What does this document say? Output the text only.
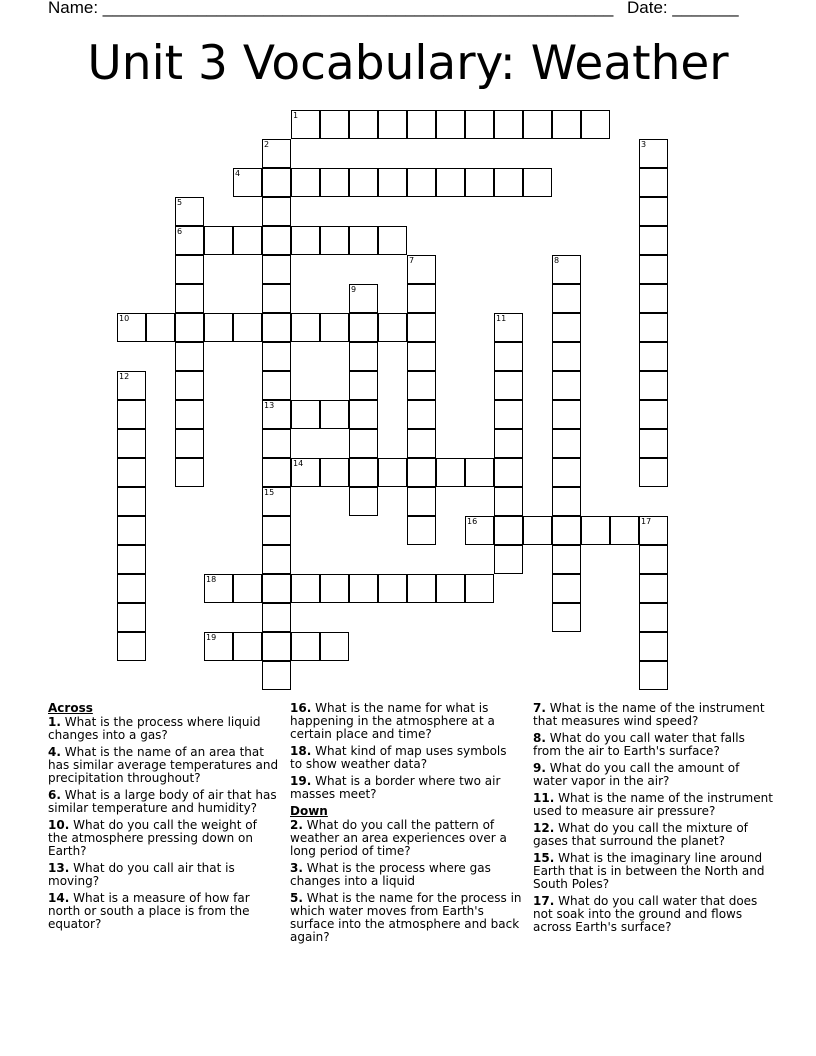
Name: ______________________________________________________ Date: _______
Unit 3 Vocabulary: Weather
1
2
13
15
3
4
5
6
7	8
9
10	11
12
14
16	17
18
19
Across
1. What is the process where liquid changes into a gas?
4. What is the name of an area that has similar average temperatures and precipitation throughout?
6. What is a large body of air that has similar temperature and humidity?
10. What do you call the weight of the atmosphere pressing down on Earth?
13. What do you call air that is moving?
14. What is a measure of how far north or south a place is from the equator?
16. What is the name for what is happening in the atmosphere at a certain place and time?
18. What kind of map uses symbols to show weather data?
19. What is a border where two air masses meet?
Down
2. What do you call the pattern of weather an area experiences over a long period of time?
3. What is the process where gas changes into a liquid
5. What is the name for the process in which water moves from Earth's surface into the atmosphere and back again?
7. What is the name of the instrument that measures wind speed?
8. What do you call water that falls from the air to Earth's surface?
9. What do you call the amount of water vapor in the air?
11. What is the name of the instrument used to measure air pressure?
12. What do you call the mixture of gases that surround the planet?
15. What is the imaginary line around Earth that is in between the North and South Poles?
17. What do you call water that does not soak into the ground and flows across Earth's surface?
